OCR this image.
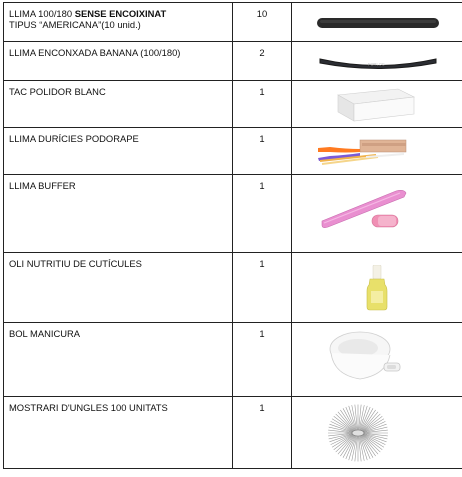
LLIMA 100/180 SENSE ENCOIXINAT
TIPUS “AMERICANA”(10 unid.)	10	

LLIMA ENCONXADA BANANA (100/180)	2	FORLOC

TAC POLIDOR BLANC	1	

LLIMA DURÍCIES PODORAPE	1	

LLIMA BUFFER	1	

OLI NUTRITIU DE CUTÍCULES	1	

BOL MANICURA	1	

MOSTRARI D'UNGLES 100 UNITATS	1	
